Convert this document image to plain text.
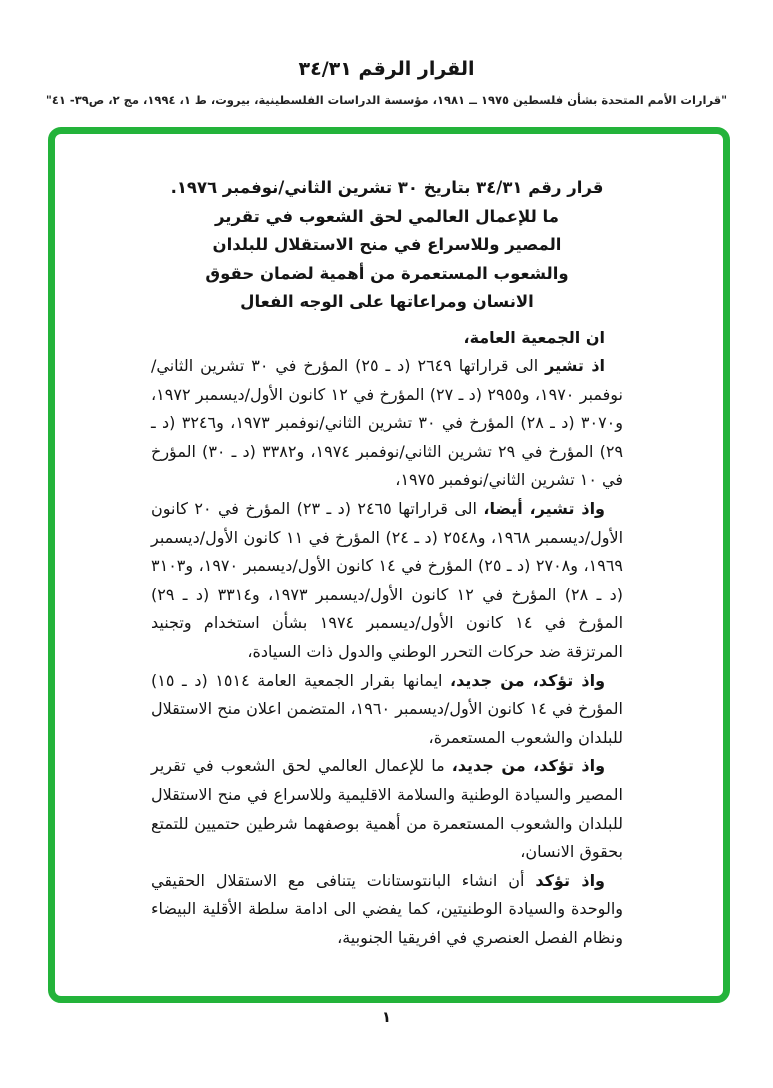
القرار الرقم ٣٤/٣١
"قرارات الأمم المتحدة بشأن فلسطين ١٩٧٥ ــ ١٩٨١، مؤسسة الدراسات الفلسطينية، بيروت، ط ١، ١٩٩٤، مج ٢، ص٣٩- ٤١"
قرار رقم ٣٤/٣١ بتاريخ ٣٠ تشرين الثاني/نوفمبر ١٩٧٦.
ما للإعمال العالمي لحق الشعوب في تقرير
المصير وللاسراع في منح الاستقلال للبلدان
والشعوب المستعمرة من أهمية لضمان حقوق
الانسان ومراعاتها على الوجه الفعال

ان الجمعية العامة،

اذ تشير الى قراراتها ٢٦٤٩ (د ـ ٢٥) المؤرخ في ٣٠ تشرين الثاني/نوفمبر ١٩٧٠، و٢٩٥٥ (د ـ ٢٧) المؤرخ في ١٢ كانون الأول/ديسمبر ١٩٧٢، و٣٠٧٠ (د ـ ٢٨) المؤرخ في ٣٠ تشرين الثاني/نوفمبر ١٩٧٣، و٣٢٤٦ (د ـ ٢٩) المؤرخ في ٢٩ تشرين الثاني/نوفمبر ١٩٧٤، و٣٣٨٢ (د ـ ٣٠) المؤرخ في ١٠ تشرين الثاني/نوفمبر ١٩٧٥،

واذ تشير، أيضا، الى قراراتها ٢٤٦٥ (د ـ ٢٣) المؤرخ في ٢٠ كانون الأول/ديسمبر ١٩٦٨، و٢٥٤٨ (د ـ ٢٤) المؤرخ في ١١ كانون الأول/ديسمبر ١٩٦٩، و٢٧٠٨ (د ـ ٢٥) المؤرخ في ١٤ كانون الأول/ديسمبر ١٩٧٠، و٣١٠٣ (د ـ ٢٨) المؤرخ في ١٢ كانون الأول/ديسمبر ١٩٧٣، و٣٣١٤ (د ـ ٢٩) المؤرخ في ١٤ كانون الأول/ديسمبر ١٩٧٤ بشأن استخدام وتجنيد المرتزقة ضد حركات التحرر الوطني والدول ذات السيادة،

واذ تؤكد، من جديد، ايمانها بقرار الجمعية العامة ١٥١٤ (د ـ ١٥) المؤرخ في ١٤ كانون الأول/ديسمبر ١٩٦٠، المتضمن اعلان منح الاستقلال للبلدان والشعوب المستعمرة،

واذ تؤكد، من جديد، ما للإعمال العالمي لحق الشعوب في تقرير المصير والسيادة الوطنية والسلامة الاقليمية وللاسراع في منح الاستقلال للبلدان والشعوب المستعمرة من أهمية بوصفهما شرطين حتميين للتمتع بحقوق الانسان،

واذ تؤكد أن انشاء البانتوستانات يتنافى مع الاستقلال الحقيقي والوحدة والسيادة الوطنيتين، كما يفضي الى ادامة سلطة الأقلية البيضاء ونظام الفصل العنصري في افريقيا الجنوبية،

١
